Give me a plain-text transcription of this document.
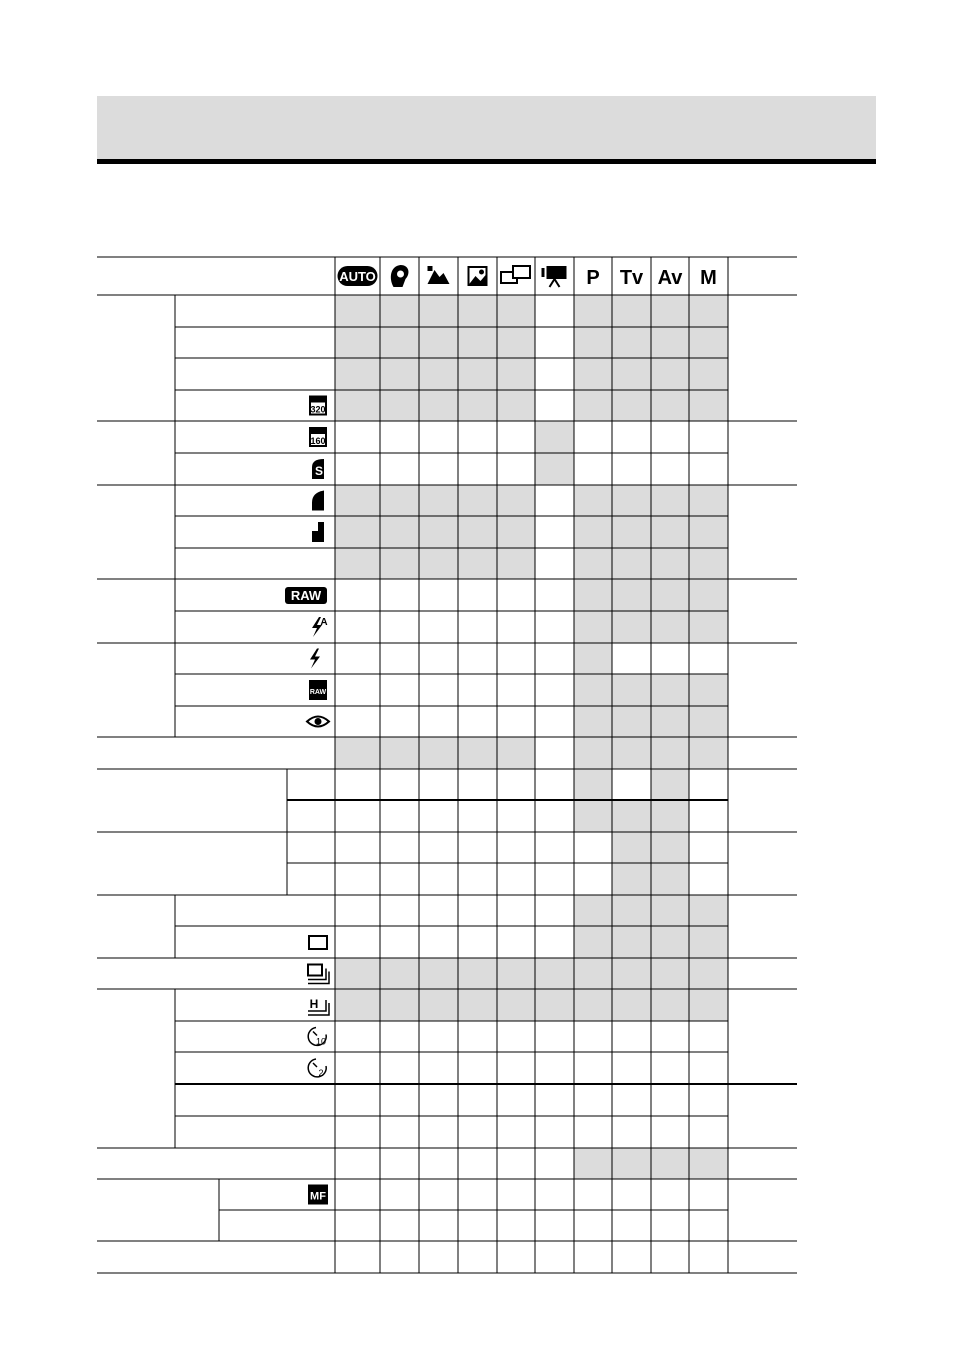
AUTO	P Tv Av M
320
160
S
RAW
A
RAW
H
10
2
MF
